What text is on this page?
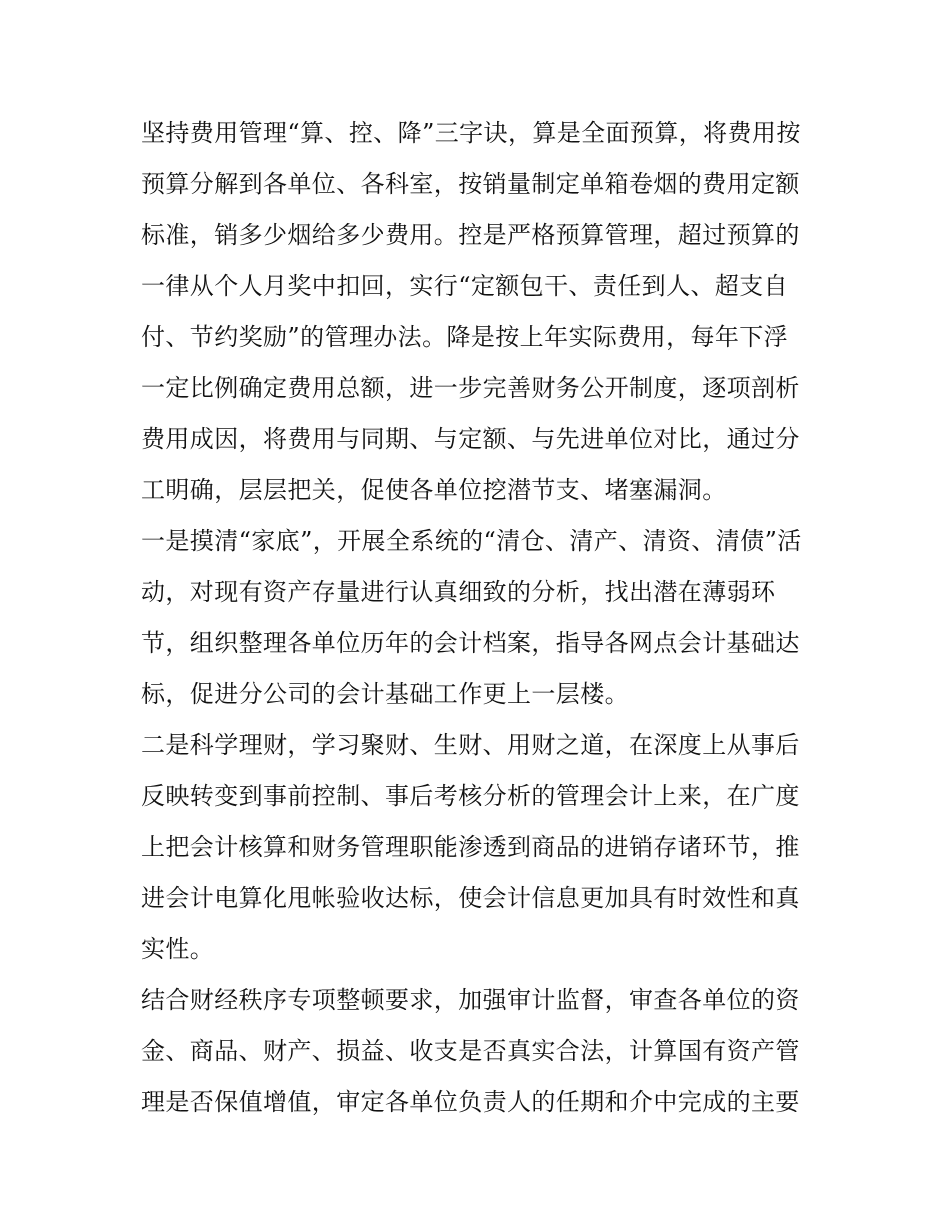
坚持费用管理“算、控、降”三字诀，算是全面预算，将费用按
预算分解到各单位、各科室，按销量制定单箱卷烟的费用定额
标准，销多少烟给多少费用。控是严格预算管理，超过预算的
一律从个人月奖中扣回，实行“定额包干、责任到人、超支自
付、节约奖励”的管理办法。降是按上年实际费用，每年下浮
一定比例确定费用总额，进一步完善财务公开制度，逐项剖析
费用成因，将费用与同期、与定额、与先进单位对比，通过分
工明确，层层把关，促使各单位挖潜节支、堵塞漏洞。
一是摸清“家底”，开展全系统的“清仓、清产、清资、清债”活
动，对现有资产存量进行认真细致的分析，找出潜在薄弱环
节，组织整理各单位历年的会计档案，指导各网点会计基础达
标，促进分公司的会计基础工作更上一层楼。
二是科学理财，学习聚财、生财、用财之道，在深度上从事后
反映转变到事前控制、事后考核分析的管理会计上来，在广度
上把会计核算和财务管理职能渗透到商品的进销存诸环节，推
进会计电算化甩帐验收达标，使会计信息更加具有时效性和真
实性。
结合财经秩序专项整顿要求，加强审计监督，审查各单位的资
金、商品、财产、损益、收支是否真实合法，计算国有资产管
理是否保值增值，审定各单位负责人的任期和介中完成的主要
